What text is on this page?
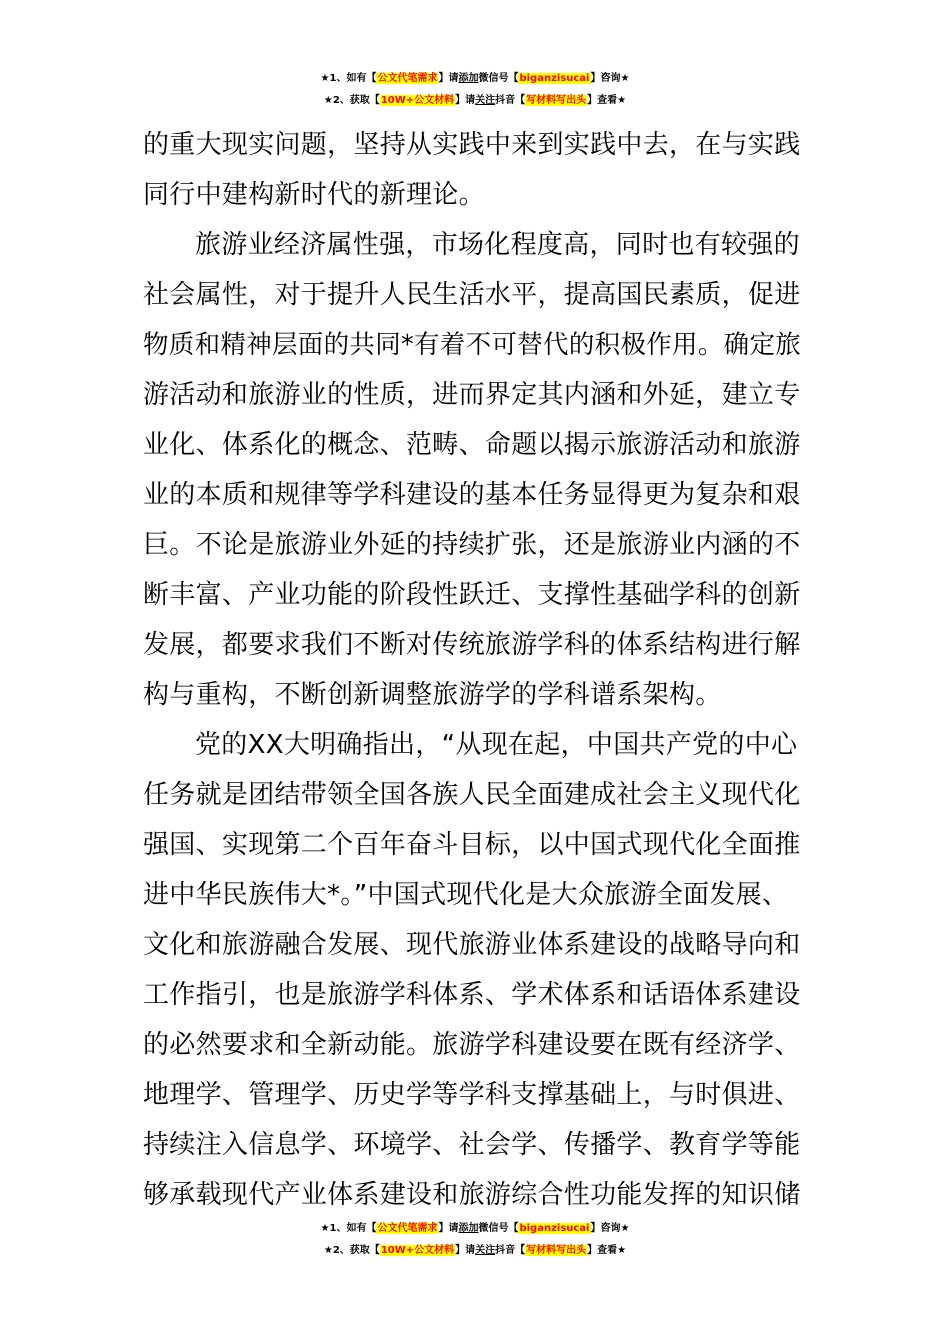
★1、如有【公文代笔需求】请添加微信号【biganzisucai】咨询★
★2、获取【10W+公文材料】请关注抖音【写材料写出头】查看★
的重大现实问题，坚持从实践中来到实践中去，在与实践
同行中建构新时代的新理论。
旅游业经济属性强，市场化程度高，同时也有较强的
社会属性，对于提升人民生活水平，提高国民素质，促进
物质和精神层面的共同*有着不可替代的积极作用。确定旅
游活动和旅游业的性质，进而界定其内涵和外延，建立专
业化、体系化的概念、范畴、命题以揭示旅游活动和旅游
业的本质和规律等学科建设的基本任务显得更为复杂和艰
巨。不论是旅游业外延的持续扩张，还是旅游业内涵的不
断丰富、产业功能的阶段性跃迁、支撑性基础学科的创新
发展，都要求我们不断对传统旅游学科的体系结构进行解
构与重构，不断创新调整旅游学的学科谱系架构。
党的XX大明确指出，“从现在起，中国共产党的中心
任务就是团结带领全国各族人民全面建成社会主义现代化
强国、实现第二个百年奋斗目标，以中国式现代化全面推
进中华民族伟大*。”中国式现代化是大众旅游全面发展、
文化和旅游融合发展、现代旅游业体系建设的战略导向和
工作指引，也是旅游学科体系、学术体系和话语体系建设
的必然要求和全新动能。旅游学科建设要在既有经济学、
地理学、管理学、历史学等学科支撑基础上，与时俱进、
持续注入信息学、环境学、社会学、传播学、教育学等能
够承载现代产业体系建设和旅游综合性功能发挥的知识储
★1、如有【公文代笔需求】请添加微信号【biganzisucai】咨询★
★2、获取【10W+公文材料】请关注抖音【写材料写出头】查看★
